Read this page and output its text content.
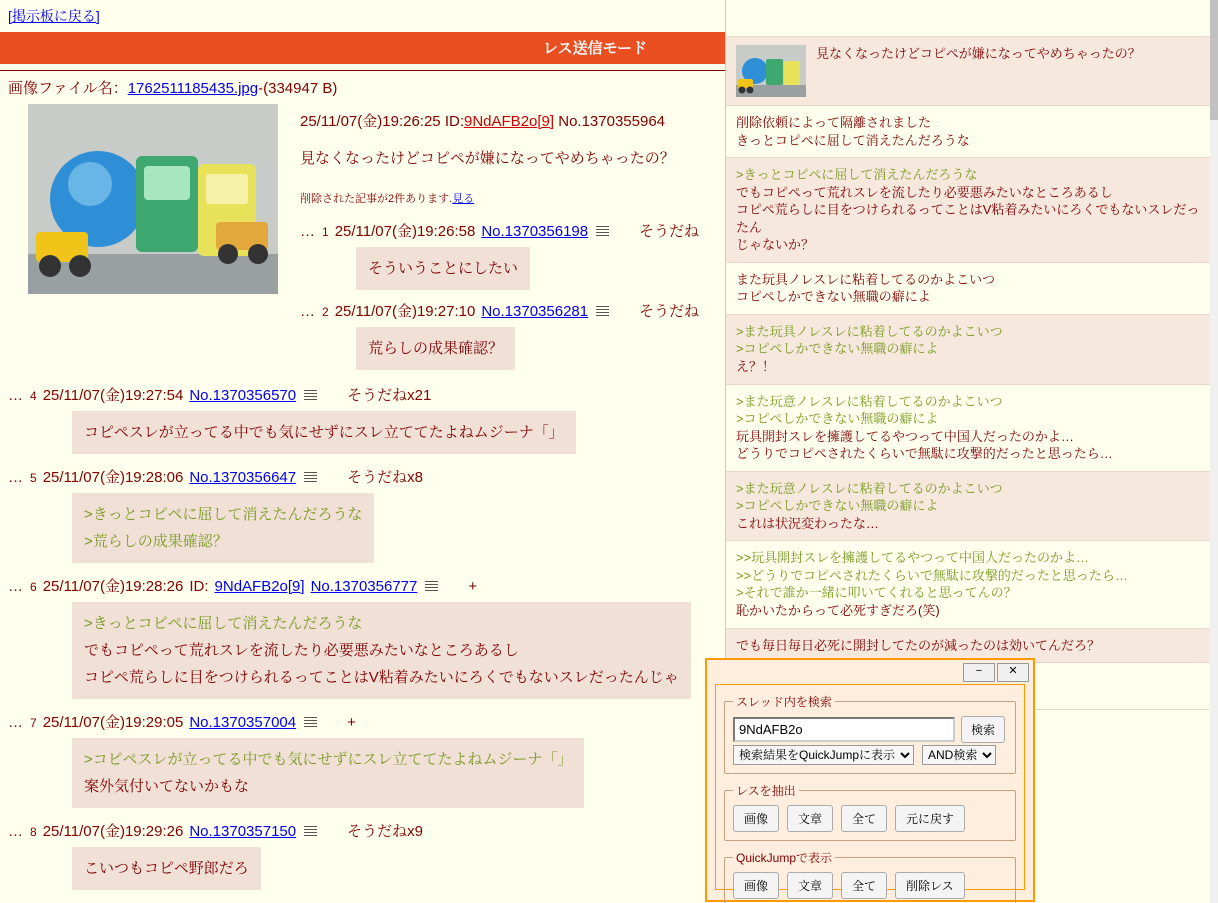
[掲示板に戻る]
レス送信モード
画像ファイル名：1762511185435.jpg-(334947 B)
25/11/07(金)19:26:25 ID:9NdAFB2o[9] No.1370355964
見なくなったけどコピペが嫌になってやめちゃったの？
削除された記事が2件あります.見る
… 1 25/11/07(金)19:26:58 No.1370356198	そうだね
そういうことにしたい
… 2 25/11/07(金)19:27:10 No.1370356281	そうだね
荒らしの成果確認？
… 4 25/11/07(金)19:27:54 No.1370356570	そうだねx21
コピペスレが立ってる中でも気にせずにスレ立ててたよねムジーナ「」
… 5 25/11/07(金)19:28:06 No.1370356647	そうだねx8
>きっとコピペに屈して消えたんだろうな
>荒らしの成果確認？
… 6 25/11/07(金)19:28:26 ID: 9NdAFB2o[9] No.1370356777	+
>きっとコピペに屈して消えたんだろうな
でもコピペって荒れスレを流したり必要悪みたいなところあるし
コピペ荒らしに目をつけられるってことはV粘着みたいにろくでもないスレだったんじゃ
… 7 25/11/07(金)19:29:05 No.1370357004	+
>コピペスレが立ってる中でも気にせずにスレ立ててたよねムジーナ「」
案外気付いてないかもな
… 8 25/11/07(金)19:29:26 No.1370357150	そうだねx9
こいつもコピペ野郎だろ

見なくなったけどコピペが嫌になってやめちゃったの？

削除依頼によって隔離されました

きっとコピペに屈して消えたんだろうな

>きっとコピペに屈して消えたんだろうな

でもコピペって荒れスレを流したり必要悪みたいなところあるし

コピペ荒らしに目をつけられるってことはV粘着みたいにろくでもないスレだったん

じゃないか？

また玩具ノレスレに粘着してるのかよこいつ

コピペしかできない無職の癖によ

>また玩具ノレスレに粘着してるのかよこいつ

>コピペしかできない無職の癖によ

え？！

>また玩意ノレスレに粘着してるのかよこいつ

>コピペしかできない無職の癖によ

玩具開封スレを擁護してるやつって中国人だったのかよ…

どうりでコピペされたくらいで無駄に攻撃的だったと思ったら…

>また玩意ノレスレに粘着してるのかよこいつ

>コピペしかできない無職の癖によ

これは状況変わったな…

>>玩具開封スレを擁護してるやつって中国人だったのかよ…

>>どうりでコピペされたくらいで無駄に攻撃的だったと思ったら…

>それで誰か一緒に叩いてくれると思ってんの？

恥かいたからって必死すぎだろ(笑)

でも毎日毎日必死に開封してたのが減ったのは効いてんだろ？

−	✕
スレッド内を検索
9NdAFB2o
検索
検索結果をQuickJumpに表示
AND検索
レスを抽出
画像	文章	全て	元に戻す
QuickJumpで表示
画像	文章	全て	削除レス
